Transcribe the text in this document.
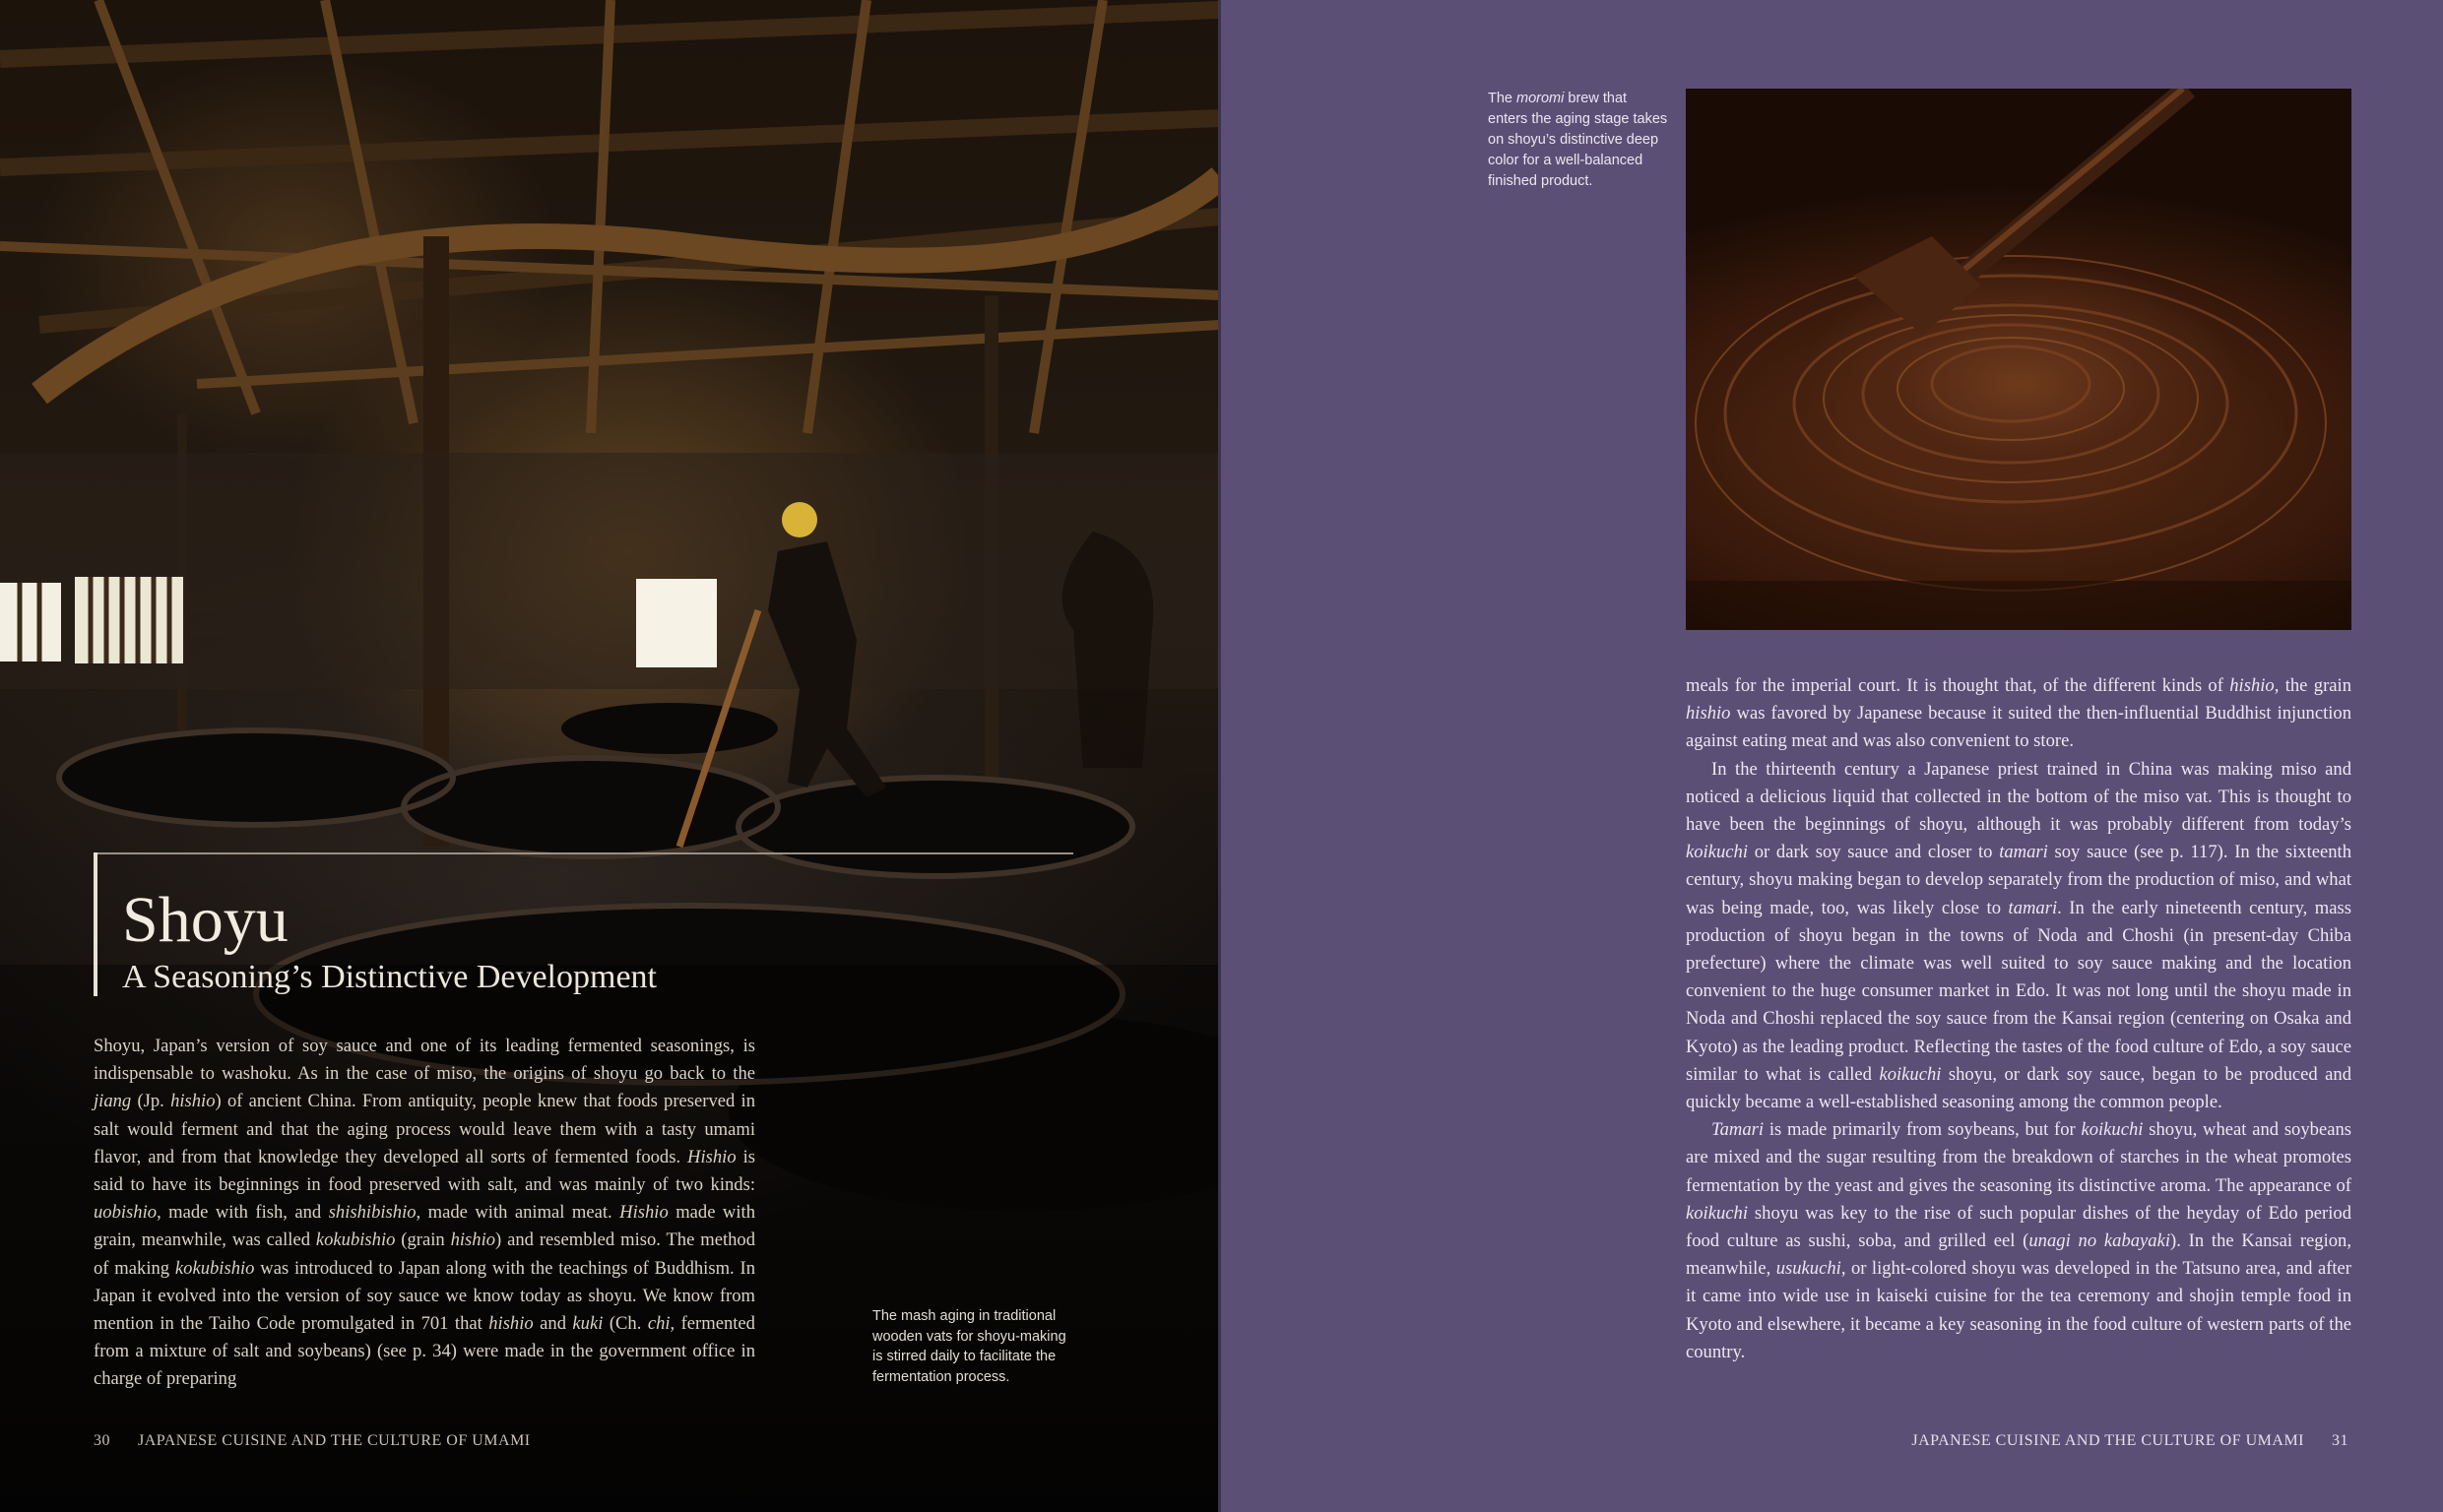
Shoyu
A Seasoning’s Distinctive Development

Shoyu, Japan’s version of soy sauce and one of its leading fermented seasonings, is indispensable to washoku. As in the case of miso, the origins of shoyu go back to the jiang (Jp. hishio) of ancient China. From antiquity, people knew that foods preserved in salt would ferment and that the aging process would leave them with a tasty umami flavor, and from that knowledge they developed all sorts of fermented foods. Hishio is said to have its beginnings in food preserved with salt, and was mainly of two kinds: uobishio, made with fish, and shishibishio, made with animal meat. Hishio made with grain, meanwhile, was called kokubishio (grain hishio) and resembled miso. The method of making kokubishio was introduced to Japan along with the teachings of Buddhism. In Japan it evolved into the version of soy sauce we know today as shoyu. We know from mention in the Taiho Code promulgated in 701 that hishio and kuki (Ch. chi, fermented from a mixture of salt and soybeans) (see p. 34) were made in the government office in charge of preparing

The mash aging in traditional wooden vats for shoyu-making is stirred daily to facilitate the fermentation process.
30 JAPANESE CUISINE AND THE CULTURE OF UMAMI
The moromi brew that enters the aging stage takes on shoyu’s distinctive deep color for a well-balanced finished product.

meals for the imperial court. It is thought that, of the different kinds of hishio, the grain hishio was favored by Japanese because it suited the then-influential Buddhist injunction against eating meat and was also convenient to store.

In the thirteenth century a Japanese priest trained in China was making miso and noticed a delicious liquid that collected in the bottom of the miso vat. This is thought to have been the beginnings of shoyu, although it was probably different from today’s koikuchi or dark soy sauce and closer to tamari soy sauce (see p. 117). In the sixteenth century, shoyu making began to develop separately from the production of miso, and what was being made, too, was likely close to tamari. In the early nineteenth century, mass production of shoyu began in the towns of Noda and Choshi (in present-day Chiba prefecture) where the climate was well suited to soy sauce making and the location convenient to the huge consumer market in Edo. It was not long until the shoyu made in Noda and Choshi replaced the soy sauce from the Kansai region (centering on Osaka and Kyoto) as the leading product. Reflecting the tastes of the food culture of Edo, a soy sauce similar to what is called koikuchi shoyu, or dark soy sauce, began to be produced and quickly became a well-established seasoning among the common people.

Tamari is made primarily from soybeans, but for koikuchi shoyu, wheat and soybeans are mixed and the sugar resulting from the breakdown of starches in the wheat promotes fermentation by the yeast and gives the seasoning its distinctive aroma. The appearance of koikuchi shoyu was key to the rise of such popular dishes of the heyday of Edo period food culture as sushi, soba, and grilled eel (unagi no kabayaki). In the Kansai region, meanwhile, usukuchi, or light-colored shoyu was developed in the Tatsuno area, and after it came into wide use in kaiseki cuisine for the tea ceremony and shojin temple food in Kyoto and elsewhere, it became a key seasoning in the food culture of western parts of the country.

JAPANESE CUISINE AND THE CULTURE OF UMAMI 31
